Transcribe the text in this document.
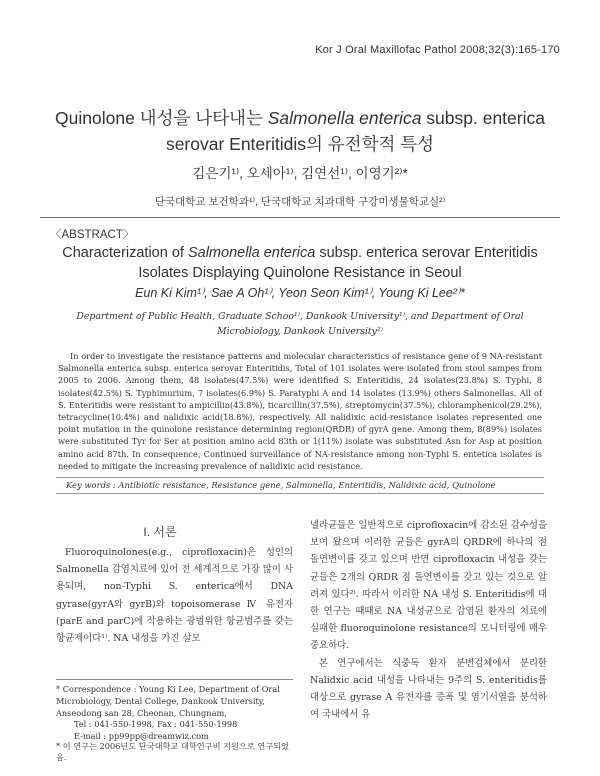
Kor J Oral Maxillofac Pathol 2008;32(3):165-170
Quinolone 내성을 나타내는 Salmonella enterica subsp. enterica
serovar Enteritidis의 유전학적 특성
김은기¹⁾, 오세아¹⁾, 김연선¹⁾, 이영기²⁾*
단국대학교 보건학과¹⁾, 단국대학교 치과대학 구강미생물학교실²⁾
〈ABSTRACT〉
Characterization of Salmonella enterica subsp. enterica serovar Enteritidis
Isolates Displaying Quinolone Resistance in Seoul
Eun Ki Kim¹⁾, Sae A Oh¹⁾, Yeon Seon Kim¹⁾, Young Ki Lee²⁾*
Department of Public Health, Graduate Schoo¹⁾, Dankook University¹⁾, and Department of Oral Microbiology, Dankook University²⁾
In order to investigate the resistance patterns and molecular characteristics of resistance gene of 9 NA-resistant Salmonella enterica subsp. enterica serovar Enteritidis, Total of 101 isolates were isolated from stool sampes from 2005 to 2006. Among them, 48 isolates(47.5%) were identified S. Enteritidis, 24 isolates(23.8%) S. Typhi, 8 isolates(42.5%) S. Typhimurium, 7 isolates(6.9%) S. Paratyphi A and 14 isolates (13.9%) others Salmonellas. All of S. Enteritidis were resistant to ampicillin(43.8%), ticarcillin(37.5%), streptomycin(37.5%), chloramphenicol(29.2%), tetracycline(10.4%) and nalidixic acid(18.8%), respectively. All nalidixic acid-resistance isolates represented one point mutation in the quinolone resistance determining region(QRDR) of gyrA gene. Among them, 8(89%) isolates were substituted Tyr for Ser at position amino acid 83th or 1(11%) isolate was substituted Asn for Asp at position amino acid 87th. In consequence, Continued surveillance of NA-resistance among non-Typhi S. entetica isolates is needed to mitigate the increasing prevalence of nalidixic acid resistance.
Key words : Antibiotic resistance, Resistance gene, Salmonella, Enteritidis, Nalidixic acid, Quinolone
I. 서론
Fluoroquinolones(e.g., ciprofloxacin)은 성인의 Salmonella 감염치료에 있어 전 세계적으로 가장 많이 사용되며, non-Typhi S. enterica에서 DNA gyrase(gyrA와 gyrB)와 topoisomerase Ⅳ 유전자(parE and parC)에 작용하는 광범위한 항균범주를 갖는 항균제이다¹⁾. NA 내성을 가진 살모

넬라균들은 일반적으로 ciprofloxacin에 감소된 감수성을 보여 왔으며 이러한 균들은 gyrA의 QRDR에 하나의 점 돌연변이를 갖고 있으며 반면 ciprofloxacin 내성을 갖는 균들은 2개의 QRDR 점 돌연변이를 갖고 있는 것으로 알려져 있다²⁾. 따라서 이러한 NA 내성 S. Enteritidis에 대한 연구는 때때로 NA 내성균으로 감염된 환자의 치료에 실패한 fluoroquinolone resistance의 모니터링에 매우 중요하다.

본 연구에서는 식중독 환자 분변검체에서 분리한 Nalidxic acid 내성을 나타내는 9주의 S. enteritidis를 대상으로 gyrase A 유전자를 증폭 및 염기서열을 분석하여 국내에서 유

* Correspondence : Young Ki Lee, Department of Oral Microbiology, Dental College, Dankook University, Anseodong san 28, Cheonan, Chungnam,
Tel : 041-550-1998, Fax : 041-550-1998
E-mail : pp99pp@dreamwiz.com
* 이 연구는 2006년도 단국대학교 대학연구비 지원으로 연구되었음.
